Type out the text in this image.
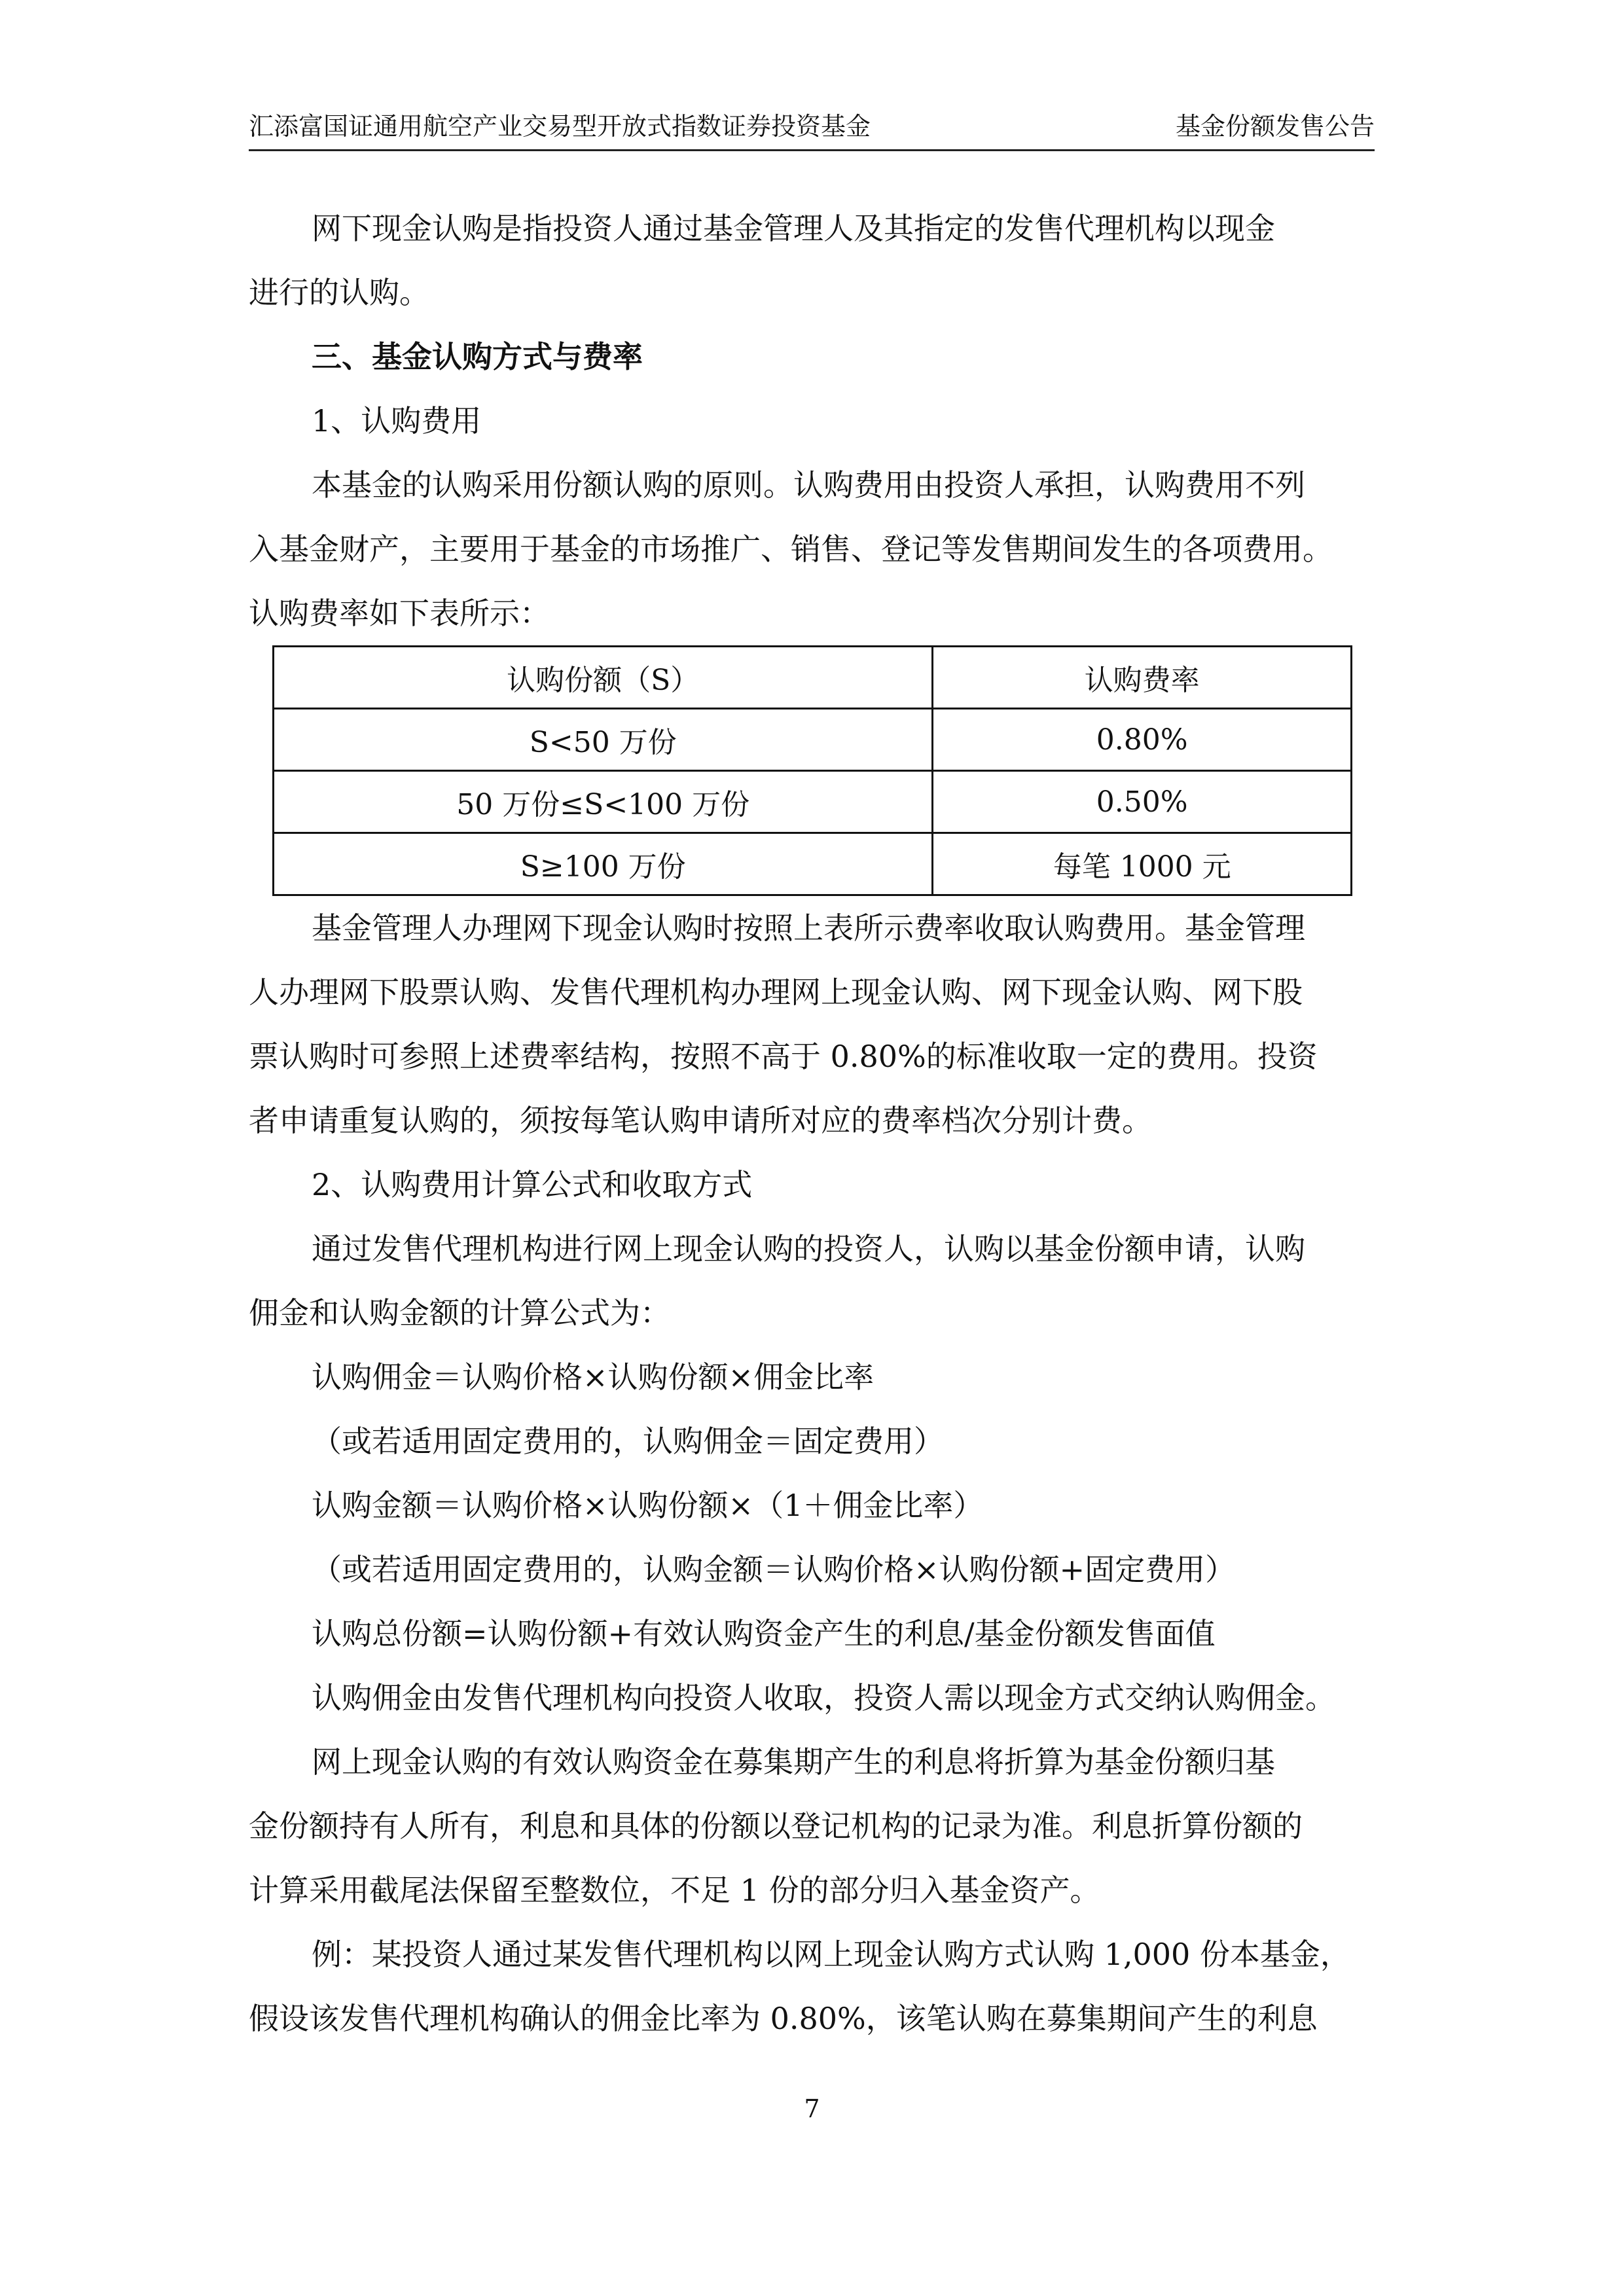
汇添富国证通用航空产业交易型开放式指数证券投资基金	基金份额发售公告

网下现金认购是指投资人通过基金管理人及其指定的发售代理机构以现金

进行的认购。

三、基金认购方式与费率

1、认购费用

本基金的认购采用份额认购的原则。认购费用由投资人承担，认购费用不列

入基金财产，主要用于基金的市场推广、销售、登记等发售期间发生的各项费用。

认购费率如下表所示：

认购份额（S）	认购费率
S<50 万份	0.80%
50 万份≤S<100 万份	0.50%
S≥100 万份	每笔 1000 元

基金管理人办理网下现金认购时按照上表所示费率收取认购费用。基金管理

人办理网下股票认购、发售代理机构办理网上现金认购、网下现金认购、网下股

票认购时可参照上述费率结构，按照不高于 0.80%的标准收取一定的费用。投资

者申请重复认购的，须按每笔认购申请所对应的费率档次分别计费。

2、认购费用计算公式和收取方式

通过发售代理机构进行网上现金认购的投资人，认购以基金份额申请，认购

佣金和认购金额的计算公式为：

认购佣金＝认购价格×认购份额×佣金比率

（或若适用固定费用的，认购佣金＝固定费用）

认购金额＝认购价格×认购份额×（1＋佣金比率）

（或若适用固定费用的，认购金额＝认购价格×认购份额+固定费用）

认购总份额=认购份额+有效认购资金产生的利息/基金份额发售面值

认购佣金由发售代理机构向投资人收取，投资人需以现金方式交纳认购佣金。

网上现金认购的有效认购资金在募集期产生的利息将折算为基金份额归基

金份额持有人所有，利息和具体的份额以登记机构的记录为准。利息折算份额的

计算采用截尾法保留至整数位，不足 1 份的部分归入基金资产。

例：某投资人通过某发售代理机构以网上现金认购方式认购 1,000 份本基金，

假设该发售代理机构确认的佣金比率为 0.80%，该笔认购在募集期间产生的利息

7
